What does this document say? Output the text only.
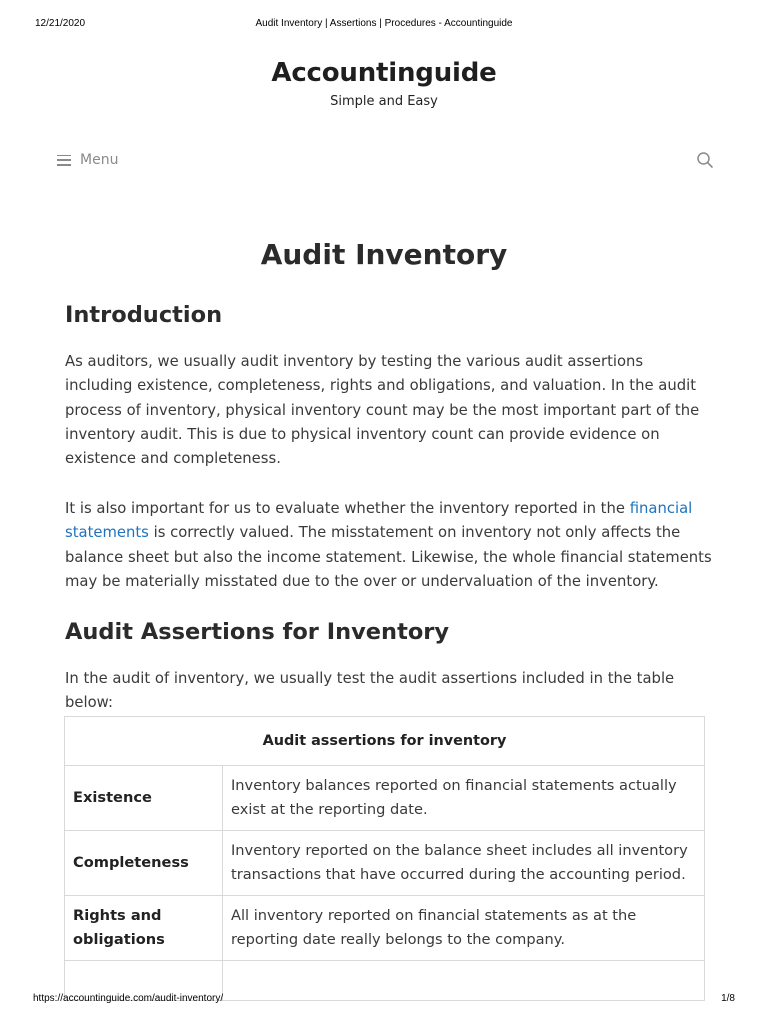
12/21/2020	Audit Inventory | Assertions | Procedures - Accountinguide
Accountinguide
Simple and Easy
Menu
Audit Inventory
Introduction

As auditors, we usually audit inventory by testing the various audit assertions including existence, completeness, rights and obligations, and valuation. In the audit process of inventory, physical inventory count may be the most important part of the inventory audit. This is due to physical inventory count can provide evidence on existence and completeness.

It is also important for us to evaluate whether the inventory reported in the financial statements is correctly valued. The misstatement on inventory not only affects the balance sheet but also the income statement. Likewise, the whole financial statements may be materially misstated due to the over or undervaluation of the inventory.

Audit Assertions for Inventory

In the audit of inventory, we usually test the audit assertions included in the table below:

Audit assertions for inventory	
Existence	Inventory balances reported on financial statements actually exist at the reporting date.
Completeness	Inventory reported on the balance sheet includes all inventory transactions that have occurred during the accounting period.
Rights and obligations	All inventory reported on financial statements as at the reporting date really belongs to the company.

https://accountinguide.com/audit-inventory/	1/8
